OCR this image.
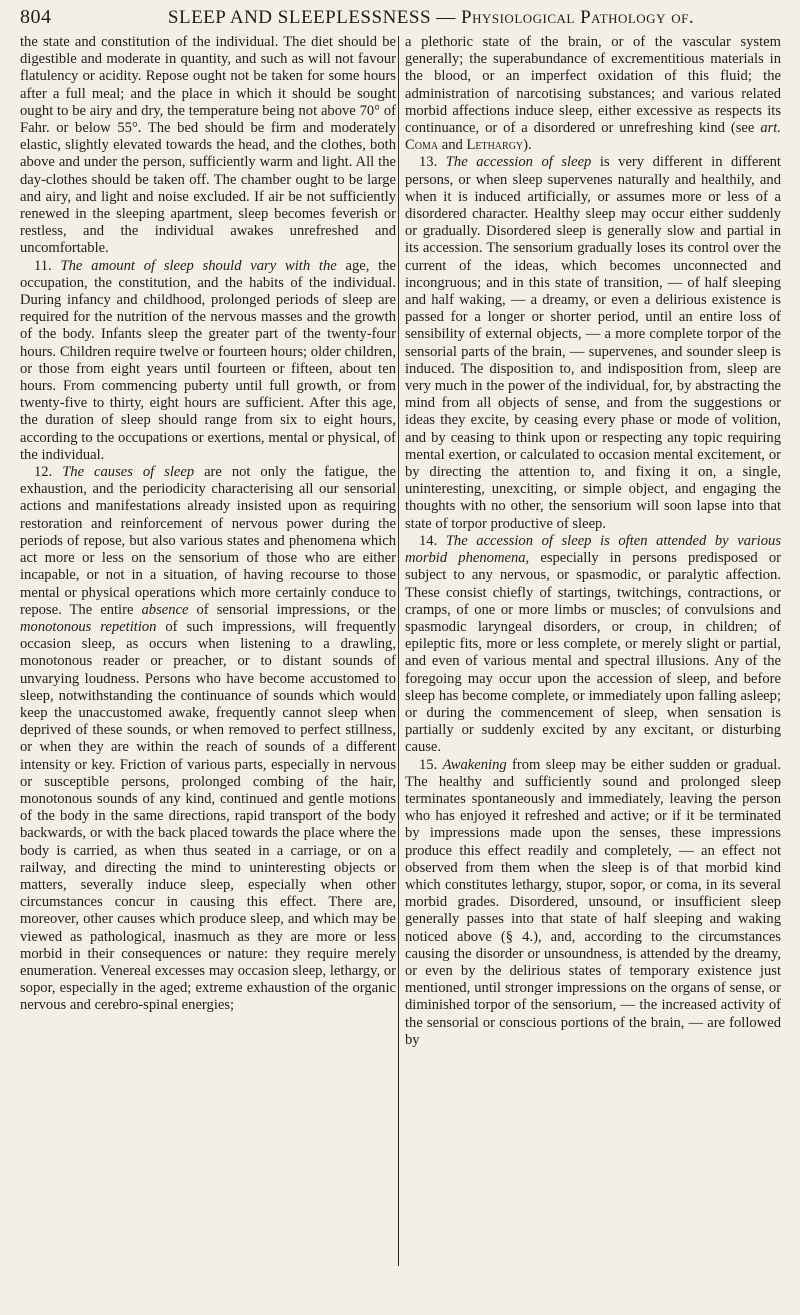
804	SLEEP AND SLEEPLESSNESS — Physiological Pathology of.

the state and constitution of the individual. The diet should be digestible and moderate in quantity, and such as will not favour flatulency or acidity. Repose ought not be taken for some hours after a full meal; and the place in which it should be sought ought to be airy and dry, the temperature being not above 70° of Fahr. or below 55°. The bed should be firm and moderately elastic, slightly elevated towards the head, and the clothes, both above and under the person, sufficiently warm and light. All the day-clothes should be taken off. The chamber ought to be large and airy, and light and noise excluded. If air be not sufficiently renewed in the sleeping apartment, sleep becomes feverish or restless, and the individual awakes unrefreshed and uncomfortable.

11. The amount of sleep should vary with the age, the occupation, the constitution, and the habits of the individual. During infancy and childhood, prolonged periods of sleep are required for the nutrition of the nervous masses and the growth of the body. Infants sleep the greater part of the twenty-four hours. Children require twelve or fourteen hours; older children, or those from eight years until fourteen or fifteen, about ten hours. From commencing puberty until full growth, or from twenty-five to thirty, eight hours are sufficient. After this age, the duration of sleep should range from six to eight hours, according to the occupations or exertions, mental or physical, of the individual.

12. The causes of sleep are not only the fatigue, the exhaustion, and the periodicity characterising all our sensorial actions and manifestations already insisted upon as requiring restoration and reinforcement of nervous power during the periods of repose, but also various states and phenomena which act more or less on the sensorium of those who are either incapable, or not in a situation, of having recourse to those mental or physical operations which more certainly conduce to repose. The entire absence of sensorial impressions, or the monotonous repetition of such impressions, will frequently occasion sleep, as occurs when listening to a drawling, monotonous reader or preacher, or to distant sounds of unvarying loudness. Persons who have become accustomed to sleep, notwithstanding the continuance of sounds which would keep the unaccustomed awake, frequently cannot sleep when deprived of these sounds, or when removed to perfect stillness, or when they are within the reach of sounds of a different intensity or key. Friction of various parts, especially in nervous or susceptible persons, prolonged combing of the hair, monotonous sounds of any kind, continued and gentle motions of the body in the same directions, rapid transport of the body backwards, or with the back placed towards the place where the body is carried, as when thus seated in a carriage, or on a railway, and directing the mind to uninteresting objects or matters, severally induce sleep, especially when other circumstances concur in causing this effect. There are, moreover, other causes which produce sleep, and which may be viewed as pathological, inasmuch as they are more or less morbid in their consequences or nature: they require merely enumeration. Venereal excesses may occasion sleep, lethargy, or sopor, especially in the aged; extreme exhaustion of the organic nervous and cerebro-spinal energies;

a plethoric state of the brain, or of the vascular system generally; the superabundance of excrementitious materials in the blood, or an imperfect oxidation of this fluid; the administration of narcotising substances; and various related morbid affections induce sleep, either excessive as respects its continuance, or of a disordered or unrefreshing kind (see art. Coma and Lethargy).

13. The accession of sleep is very different in different persons, or when sleep supervenes naturally and healthily, and when it is induced artificially, or assumes more or less of a disordered character. Healthy sleep may occur either suddenly or gradually. Disordered sleep is generally slow and partial in its accession. The sensorium gradually loses its control over the current of the ideas, which becomes unconnected and incongruous; and in this state of transition, — of half sleeping and half waking, — a dreamy, or even a delirious existence is passed for a longer or shorter period, until an entire loss of sensibility of external objects, — a more complete torpor of the sensorial parts of the brain, — supervenes, and sounder sleep is induced. The disposition to, and indisposition from, sleep are very much in the power of the individual, for, by abstracting the mind from all objects of sense, and from the suggestions or ideas they excite, by ceasing every phase or mode of volition, and by ceasing to think upon or respecting any topic requiring mental exertion, or calculated to occasion mental excitement, or by directing the attention to, and fixing it on, a single, uninteresting, unexciting, or simple object, and engaging the thoughts with no other, the sensorium will soon lapse into that state of torpor productive of sleep.

14. The accession of sleep is often attended by various morbid phenomena, especially in persons predisposed or subject to any nervous, or spasmodic, or paralytic affection. These consist chiefly of startings, twitchings, contractions, or cramps, of one or more limbs or muscles; of convulsions and spasmodic laryngeal disorders, or croup, in children; of epileptic fits, more or less complete, or merely slight or partial, and even of various mental and spectral illusions. Any of the foregoing may occur upon the accession of sleep, and before sleep has become complete, or immediately upon falling asleep; or during the commencement of sleep, when sensation is partially or suddenly excited by any excitant, or disturbing cause.

15. Awakening from sleep may be either sudden or gradual. The healthy and sufficiently sound and prolonged sleep terminates spontaneously and immediately, leaving the person who has enjoyed it refreshed and active; or if it be terminated by impressions made upon the senses, these impressions produce this effect readily and completely, — an effect not observed from them when the sleep is of that morbid kind which constitutes lethargy, stupor, sopor, or coma, in its several morbid grades. Disordered, unsound, or insufficient sleep generally passes into that state of half sleeping and waking noticed above (§ 4.), and, according to the circumstances causing the disorder or unsoundness, is attended by the dreamy, or even by the delirious states of temporary existence just mentioned, until stronger impressions on the organs of sense, or diminished torpor of the sensorium, — the increased activity of the sensorial or conscious portions of the brain, — are followed by
